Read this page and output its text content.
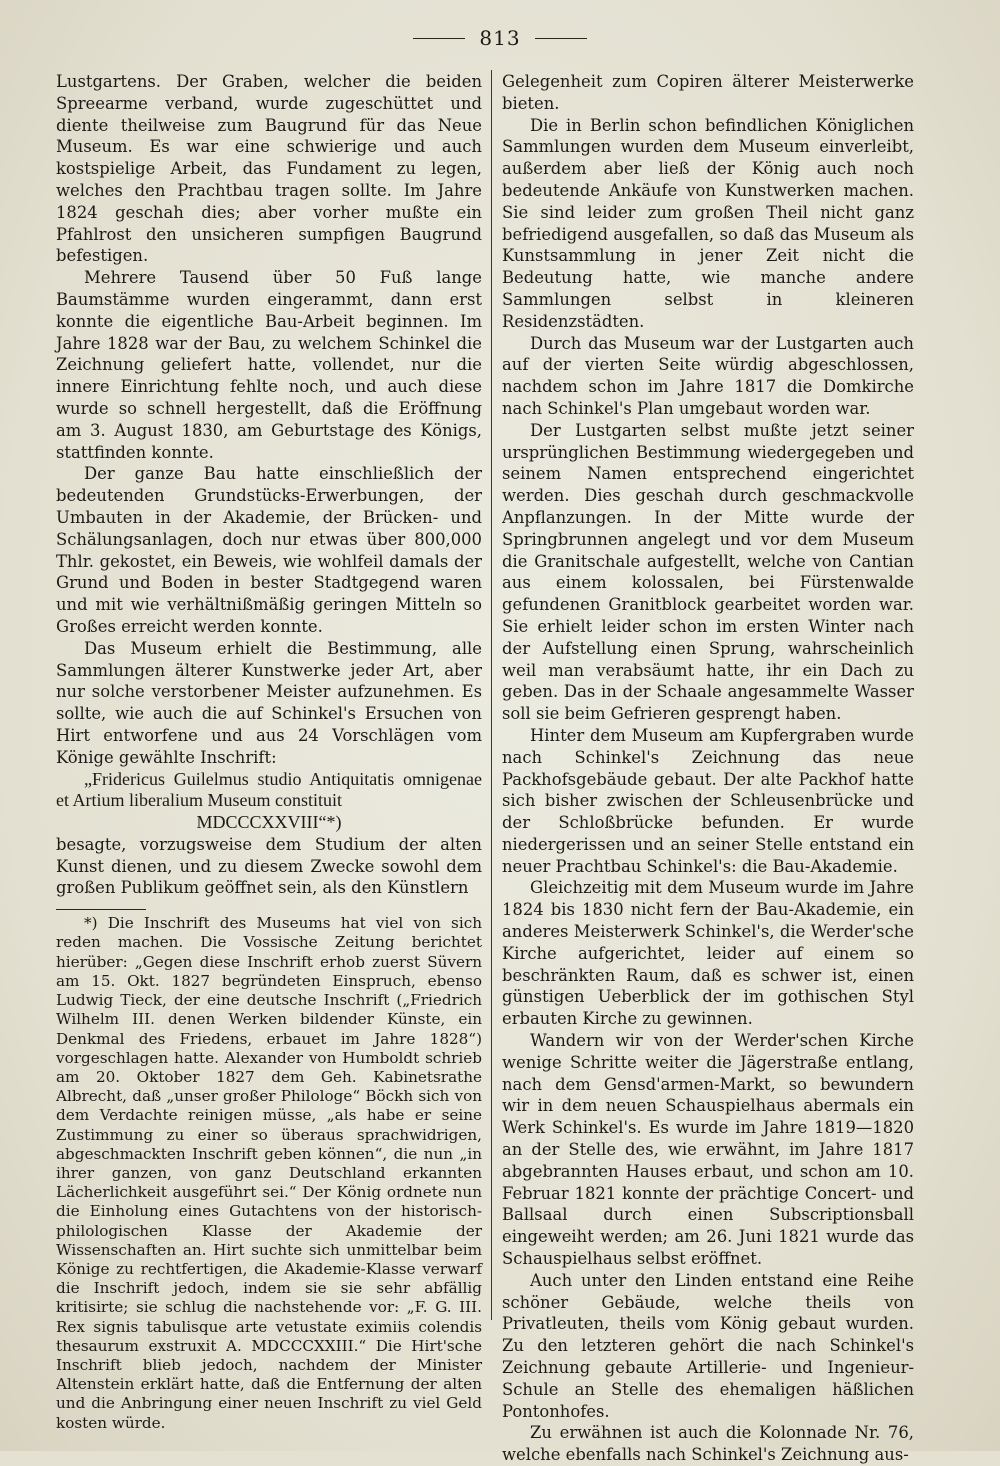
813

Lustgartens. Der Graben, welcher die beiden Spreearme verband, wurde zugeschüttet und diente theilweise zum Baugrund für das Neue Museum. Es war eine schwierige und auch kostspielige Arbeit, das Fundament zu legen, welches den Prachtbau tragen sollte. Im Jahre 1824 geschah dies; aber vorher mußte ein Pfahlrost den unsicheren sumpfigen Baugrund befestigen.

Mehrere Tausend über 50 Fuß lange Baumstämme wurden eingerammt, dann erst konnte die eigentliche Bau-Arbeit beginnen. Im Jahre 1828 war der Bau, zu welchem Schinkel die Zeichnung geliefert hatte, vollendet, nur die innere Einrichtung fehlte noch, und auch diese wurde so schnell hergestellt, daß die Eröffnung am 3. August 1830, am Geburtstage des Königs, stattfinden konnte.

Der ganze Bau hatte einschließlich der bedeutenden Grundstücks-Erwerbungen, der Umbauten in der Akademie, der Brücken- und Schälungsanlagen, doch nur etwas über 800,000 Thlr. gekostet, ein Beweis, wie wohlfeil damals der Grund und Boden in bester Stadtgegend waren und mit wie verhältnißmäßig geringen Mitteln so Großes erreicht werden konnte.

Das Museum erhielt die Bestimmung, alle Sammlungen älterer Kunstwerke jeder Art, aber nur solche verstorbener Meister aufzunehmen. Es sollte, wie auch die auf Schinkel's Ersuchen von Hirt entworfene und aus 24 Vorschlägen vom Könige gewählte Inschrift:

„Fridericus Guilelmus studio Antiquitatis omnigenae et Artium liberalium Museum constituit

MDCCCXXVIII“*)

besagte, vorzugsweise dem Studium der alten Kunst dienen, und zu diesem Zwecke sowohl dem großen Publikum geöffnet sein, als den Künstlern

*) Die Inschrift des Museums hat viel von sich reden machen. Die Vossische Zeitung berichtet hierüber: „Gegen diese Inschrift erhob zuerst Süvern am 15. Okt. 1827 begründeten Einspruch, ebenso Ludwig Tieck, der eine deutsche Inschrift („Friedrich Wilhelm III. denen Werken bildender Künste, ein Denkmal des Friedens, erbauet im Jahre 1828“) vorgeschlagen hatte. Alexander von Humboldt schrieb am 20. Oktober 1827 dem Geh. Kabinetsrathe Albrecht, daß „unser großer Philologe“ Böckh sich von dem Verdachte reinigen müsse, „als habe er seine Zustimmung zu einer so überaus sprachwidrigen, abgeschmackten Inschrift geben können“, die nun „in ihrer ganzen, von ganz Deutschland erkannten Lächerlichkeit ausgeführt sei.“ Der König ordnete nun die Einholung eines Gutachtens von der historisch-philologischen Klasse der Akademie der Wissenschaften an. Hirt suchte sich unmittelbar beim Könige zu rechtfertigen, die Akademie-Klasse verwarf die Inschrift jedoch, indem sie sie sehr abfällig kritisirte; sie schlug die nachstehende vor: „F. G. III. Rex signis tabulisque arte vetustate eximiis colendis thesaurum exstruxit A. MDCCCXXIII.“ Die Hirt'sche Inschrift blieb jedoch, nachdem der Minister Altenstein erklärt hatte, daß die Entfernung der alten und die Anbringung einer neuen Inschrift zu viel Geld kosten würde.

Gelegenheit zum Copiren älterer Meisterwerke bieten.

Die in Berlin schon befindlichen Königlichen Sammlungen wurden dem Museum einverleibt, außerdem aber ließ der König auch noch bedeutende Ankäufe von Kunstwerken machen. Sie sind leider zum großen Theil nicht ganz befriedigend ausgefallen, so daß das Museum als Kunstsammlung in jener Zeit nicht die Bedeutung hatte, wie manche andere Sammlungen selbst in kleineren Residenzstädten.

Durch das Museum war der Lustgarten auch auf der vierten Seite würdig abgeschlossen, nachdem schon im Jahre 1817 die Domkirche nach Schinkel's Plan umgebaut worden war.

Der Lustgarten selbst mußte jetzt seiner ursprünglichen Bestimmung wiedergegeben und seinem Namen entsprechend eingerichtet werden. Dies geschah durch geschmackvolle Anpflanzungen. In der Mitte wurde der Springbrunnen angelegt und vor dem Museum die Granitschale aufgestellt, welche von Cantian aus einem kolossalen, bei Fürstenwalde gefundenen Granitblock gearbeitet worden war. Sie erhielt leider schon im ersten Winter nach der Aufstellung einen Sprung, wahrscheinlich weil man verabsäumt hatte, ihr ein Dach zu geben. Das in der Schaale angesammelte Wasser soll sie beim Gefrieren gesprengt haben.

Hinter dem Museum am Kupfergraben wurde nach Schinkel's Zeichnung das neue Packhofsgebäude gebaut. Der alte Packhof hatte sich bisher zwischen der Schleusenbrücke und der Schloßbrücke befunden. Er wurde niedergerissen und an seiner Stelle entstand ein neuer Prachtbau Schinkel's: die Bau-Akademie.

Gleichzeitig mit dem Museum wurde im Jahre 1824 bis 1830 nicht fern der Bau-Akademie, ein anderes Meisterwerk Schinkel's, die Werder'sche Kirche aufgerichtet, leider auf einem so beschränkten Raum, daß es schwer ist, einen günstigen Ueberblick der im gothischen Styl erbauten Kirche zu gewinnen.

Wandern wir von der Werder'schen Kirche wenige Schritte weiter die Jägerstraße entlang, nach dem Gensd'armen-Markt, so bewundern wir in dem neuen Schauspielhaus abermals ein Werk Schinkel's. Es wurde im Jahre 1819—1820 an der Stelle des, wie erwähnt, im Jahre 1817 abgebrannten Hauses erbaut, und schon am 10. Februar 1821 konnte der prächtige Concert- und Ballsaal durch einen Subscriptionsball eingeweiht werden; am 26. Juni 1821 wurde das Schauspielhaus selbst eröffnet.

Auch unter den Linden entstand eine Reihe schöner Gebäude, welche theils von Privatleuten, theils vom König gebaut wurden. Zu den letzteren gehört die nach Schinkel's Zeichnung gebaute Artillerie- und Ingenieur-Schule an Stelle des ehemaligen häßlichen Pontonhofes.

Zu erwähnen ist auch die Kolonnade Nr. 76, welche ebenfalls nach Schinkel's Zeichnung aus-
